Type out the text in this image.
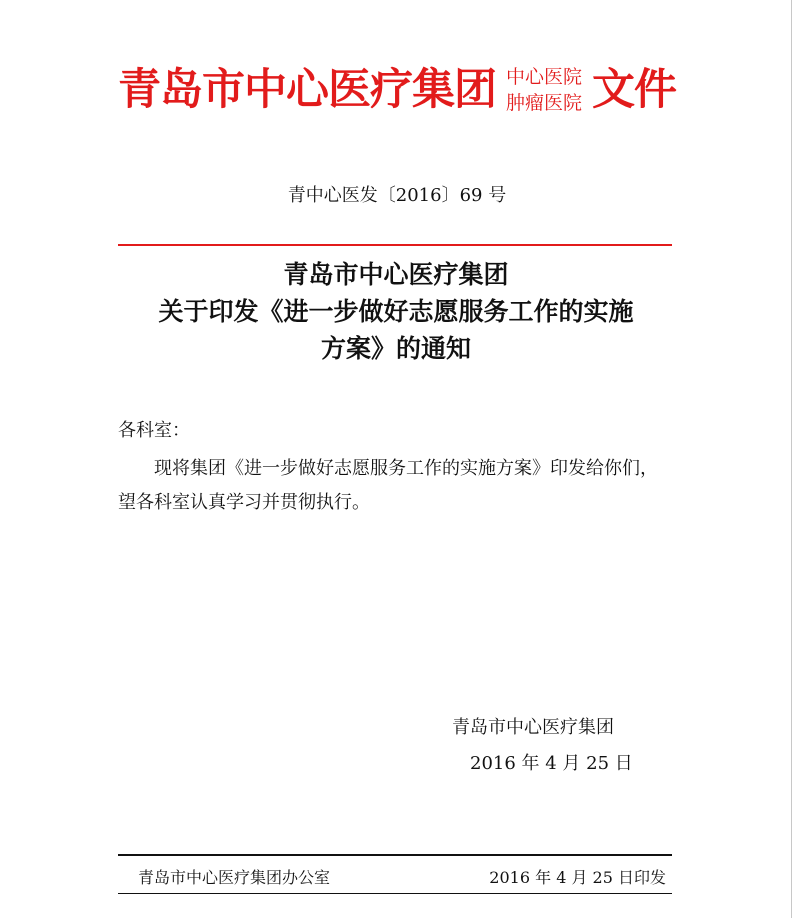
青岛市中心医疗集团 中心医院
肿瘤医院 文件
青中心医发〔2016〕69 号
青岛市中心医疗集团
关于印发《进一步做好志愿服务工作的实施
方案》的通知
各科室：
现将集团《进一步做好志愿服务工作的实施方案》印发给你们，望各科室认真学习并贯彻执行。
青岛市中心医疗集团
2016 年 4 月 25 日
青岛市中心医疗集团办公室	2016 年 4 月 25 日印发
